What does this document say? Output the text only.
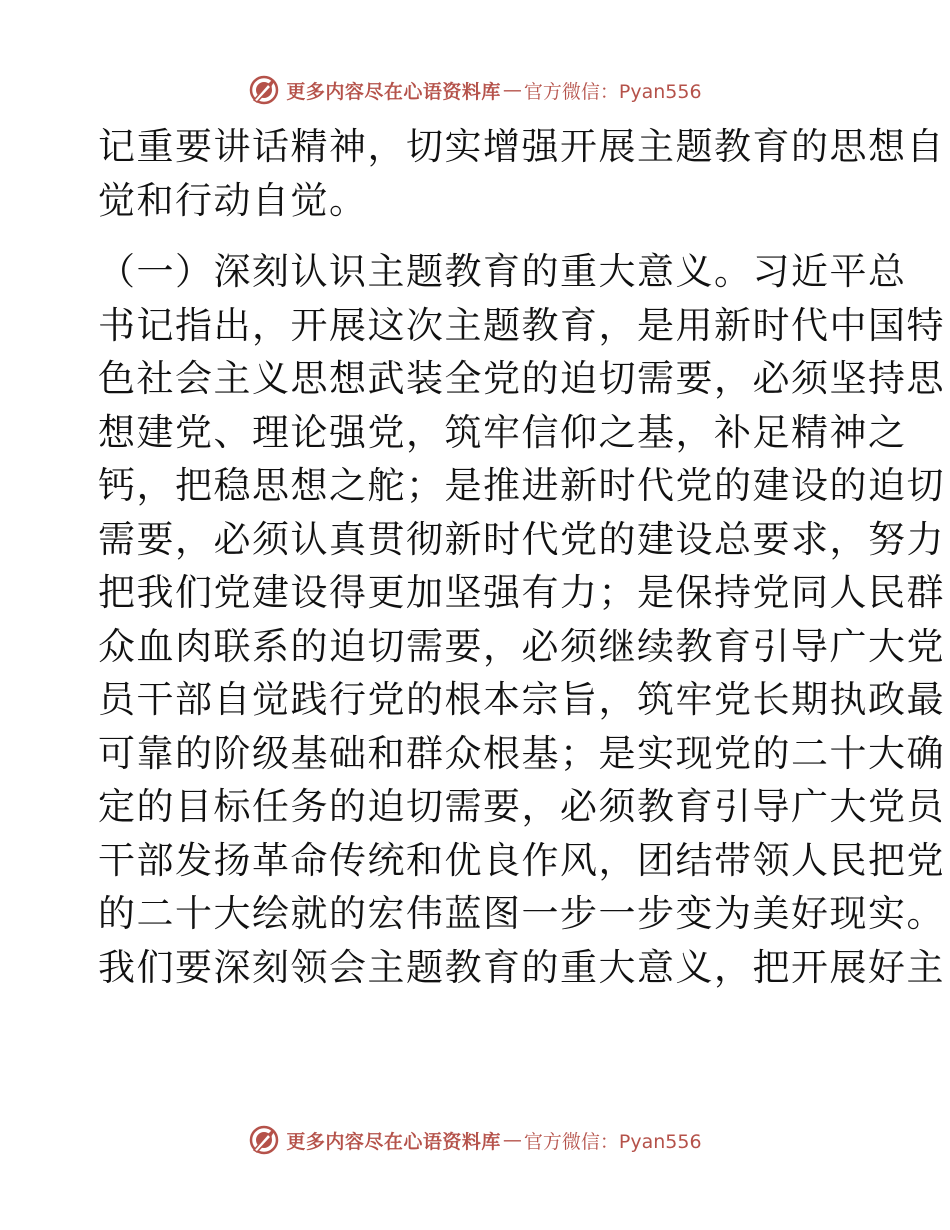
更多内容尽在心语资料库 — 官方微信：Pyan556
记重要讲话精神，切实增强开展主题教育的思想自
觉和行动自觉。
（一）深刻认识主题教育的重大意义。习近平总
书记指出，开展这次主题教育，是用新时代中国特
色社会主义思想武装全党的迫切需要，必须坚持思
想建党、理论强党，筑牢信仰之基，补足精神之
钙，把稳思想之舵；是推进新时代党的建设的迫切
需要，必须认真贯彻新时代党的建设总要求，努力
把我们党建设得更加坚强有力；是保持党同人民群
众血肉联系的迫切需要，必须继续教育引导广大党
员干部自觉践行党的根本宗旨，筑牢党长期执政最
可靠的阶级基础和群众根基；是实现党的二十大确
定的目标任务的迫切需要，必须教育引导广大党员
干部发扬革命传统和优良作风，团结带领人民把党
的二十大绘就的宏伟蓝图一步一步变为美好现实。
我们要深刻领会主题教育的重大意义，把开展好主
更多内容尽在心语资料库 — 官方微信：Pyan556
